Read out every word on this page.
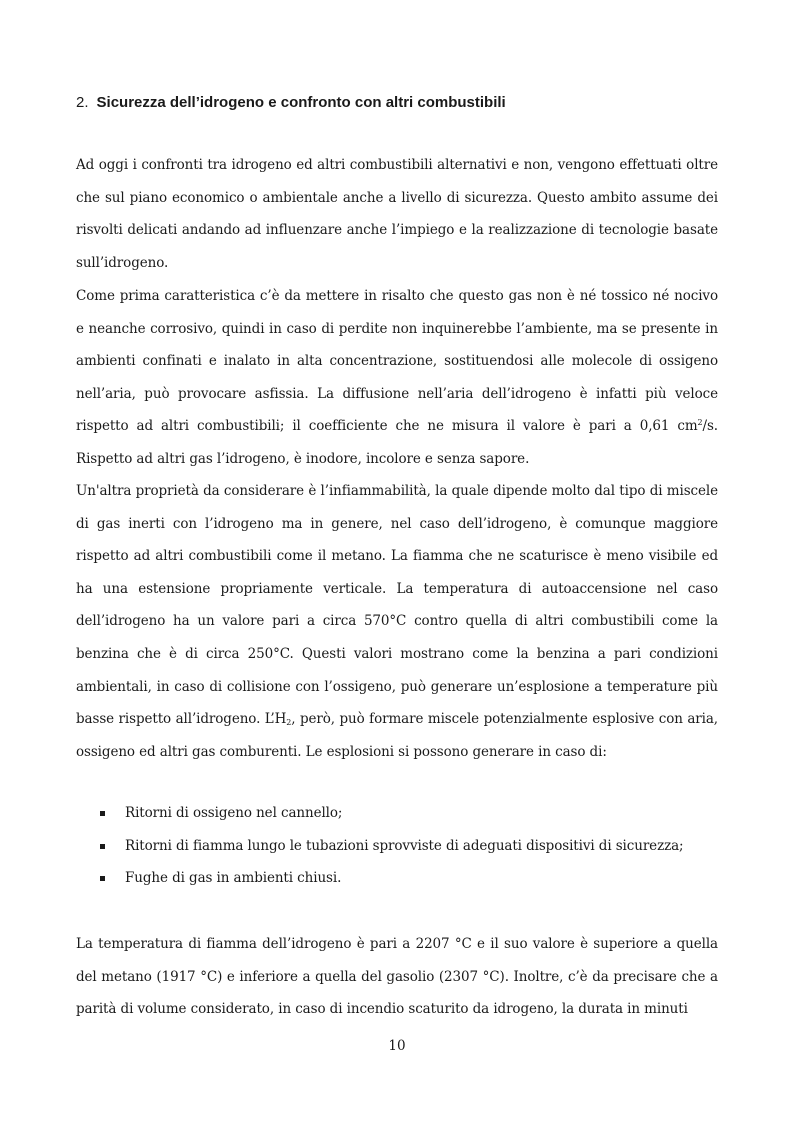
2. Sicurezza dell’idrogeno e confronto con altri combustibili

Ad oggi i confronti tra idrogeno ed altri combustibili alternativi e non, vengono effettuati oltre che sul piano economico o ambientale anche a livello di sicurezza. Questo ambito assume dei risvolti delicati andando ad influenzare anche l’impiego e la realizzazione di tecnologie basate sull’idrogeno.

Come prima caratteristica c’è da mettere in risalto che questo gas non è né tossico né nocivo e neanche corrosivo, quindi in caso di perdite non inquinerebbe l’ambiente, ma se presente in ambienti confinati e inalato in alta concentrazione, sostituendosi alle molecole di ossigeno nell’aria, può provocare asfissia. La diffusione nell’aria dell’idrogeno è infatti più veloce rispetto ad altri combustibili; il coefficiente che ne misura il valore è pari a 0,61 $cm^2/s$. Rispetto ad altri gas l’idrogeno, è inodore, incolore e senza sapore.

Un'altra proprietà da considerare è l’infiammabilità, la quale dipende molto dal tipo di miscele di gas inerti con l’idrogeno ma in genere, nel caso dell’idrogeno, è comunque maggiore rispetto ad altri combustibili come il metano. La fiamma che ne scaturisce è meno visibile ed ha una estensione propriamente verticale. La temperatura di autoaccensione nel caso dell’idrogeno ha un valore pari a circa 570°C contro quella di altri combustibili come la benzina che è di circa 250°C. Questi valori mostrano come la benzina a pari condizioni ambientali, in caso di collisione con l’ossigeno, può generare un’esplosione a temperature più basse rispetto all’idrogeno. $L’H_2$, però, può formare miscele potenzialmente esplosive con aria, ossigeno ed altri gas comburenti. Le esplosioni si possono generare in caso di:

Ritorni di ossigeno nel cannello;
Ritorni di fiamma lungo le tubazioni sprovviste di adeguati dispositivi di sicurezza;
Fughe di gas in ambienti chiusi.

La temperatura di fiamma dell’idrogeno è pari a 2207 °C e il suo valore è superiore a quella del metano (1917 °C) e inferiore a quella del gasolio (2307 °C). Inoltre, c’è da precisare che a parità di volume considerato, in caso di incendio scaturito da idrogeno, la durata in minuti

10
